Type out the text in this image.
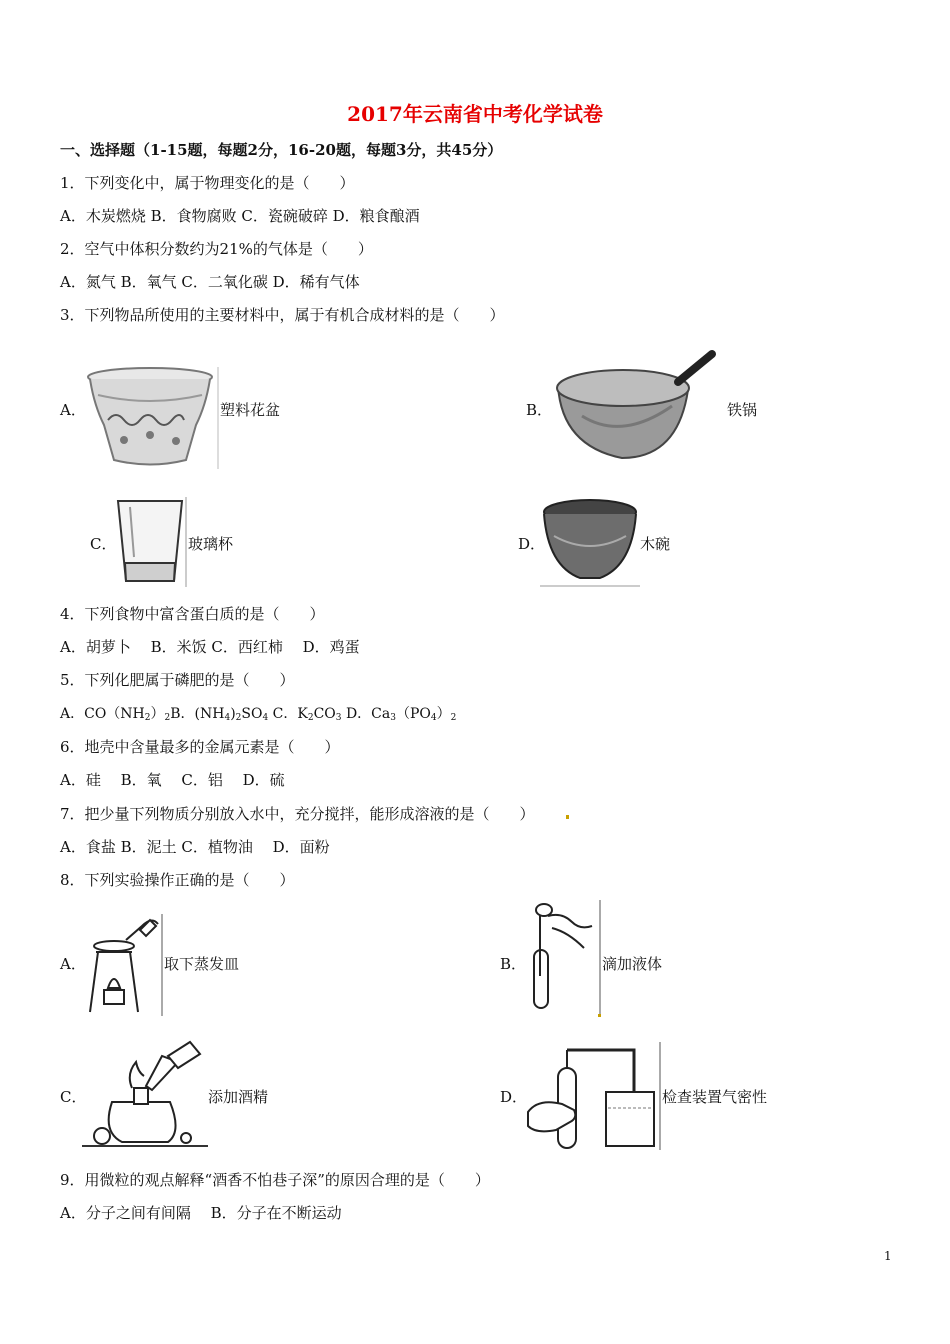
2017年云南省中考化学试卷
一、选择题（1-15题，每题2分，16-20题，每题3分，共45分）
1．下列变化中，属于物理变化的是（　　）
A．木炭燃烧 B．食物腐败 C．瓷碗破碎 D．粮食酿酒
2．空气中体积分数约为21%的气体是（　　）
A．氮气 B．氧气 C．二氧化碳 D．稀有气体
3．下列物品所使用的主要材料中，属于有机合成材料的是（　　）
A．	塑料花盆	B．	铁锅
C．	玻璃杯	D．	木碗
4．下列食物中富含蛋白质的是（　　）
A．胡萝卜　 B．米饭 C．西红柿　 D．鸡蛋
5．下列化肥属于磷肥的是（　　）
A．$CO(NH_2)_2B$．$(NH_4)_2SO_4$ C．$K_2CO_3$ D．$Ca_3(PO_4)_2$
6．地壳中含量最多的金属元素是（　　）
A．硅　 B．氧　 C．铝　 D．硫
7．把少量下列物质分别放入水中，充分搅拌，能形成溶液的是（　　）
A．食盐 B．泥土 C．植物油　 D．面粉
8．下列实验操作正确的是（　　）
A．	取下蒸发皿	B．	滴加液体
C．	添加酒精	D．	检查装置气密性
9．用微粒的观点解释“酒香不怕巷子深”的原因合理的是（　　）
A．分子之间有间隔　 B．分子在不断运动
1
